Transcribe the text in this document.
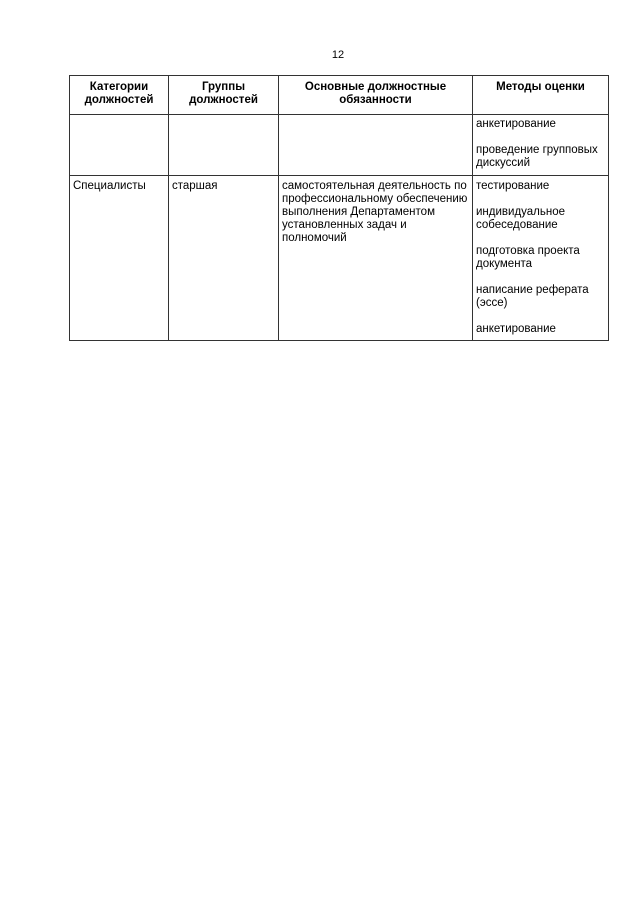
12
Категории должностей	Группы должностей	Основные должностные обязанности	Методы оценки

			анкетирование
проведение групповых дискуссий

Специалисты	старшая	самостоятельная деятельность по профессиональному обеспечению выполнения Департаментом установленных задач и полномочий	тестирование
индивидуальное собеседование
подготовка проекта документа
написание реферата (эссе)
анкетирование
